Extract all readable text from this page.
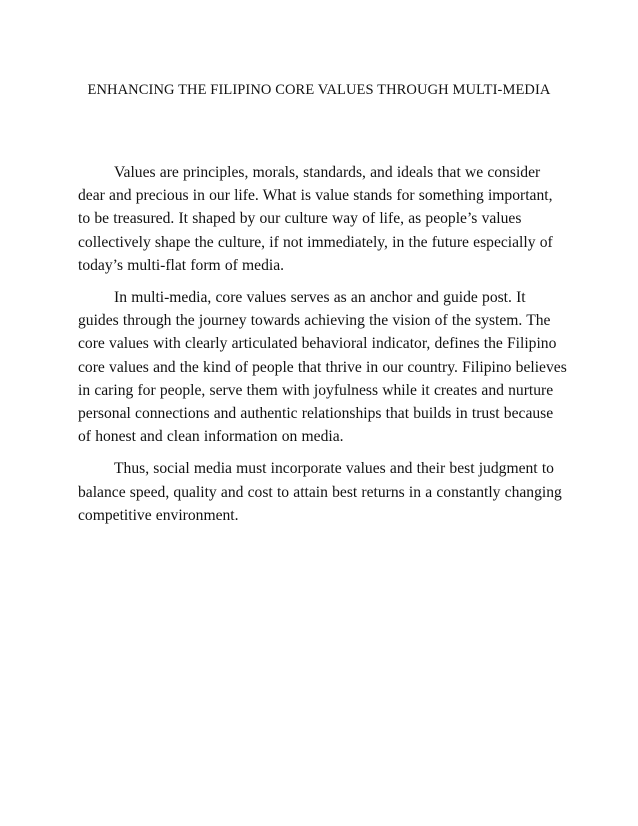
ENHANCING THE FILIPINO CORE VALUES THROUGH MULTI-MEDIA

Values are principles, morals, standards, and ideals that we consider dear and precious in our life. What is value stands for something important, to be treasured. It shaped by our culture way of life, as people’s values collectively shape the culture, if not immediately, in the future especially of today’s multi-flat form of media.

In multi-media, core values serves as an anchor and guide post. It guides through the journey towards achieving the vision of the system. The core values with clearly articulated behavioral indicator, defines the Filipino core values and the kind of people that thrive in our country. Filipino believes in caring for people, serve them with joyfulness while it creates and nurture personal connections and authentic relationships that builds in trust because of honest and clean information on media.

Thus, social media must incorporate values and their best judgment to balance speed, quality and cost to attain best returns in a constantly changing competitive environment.
